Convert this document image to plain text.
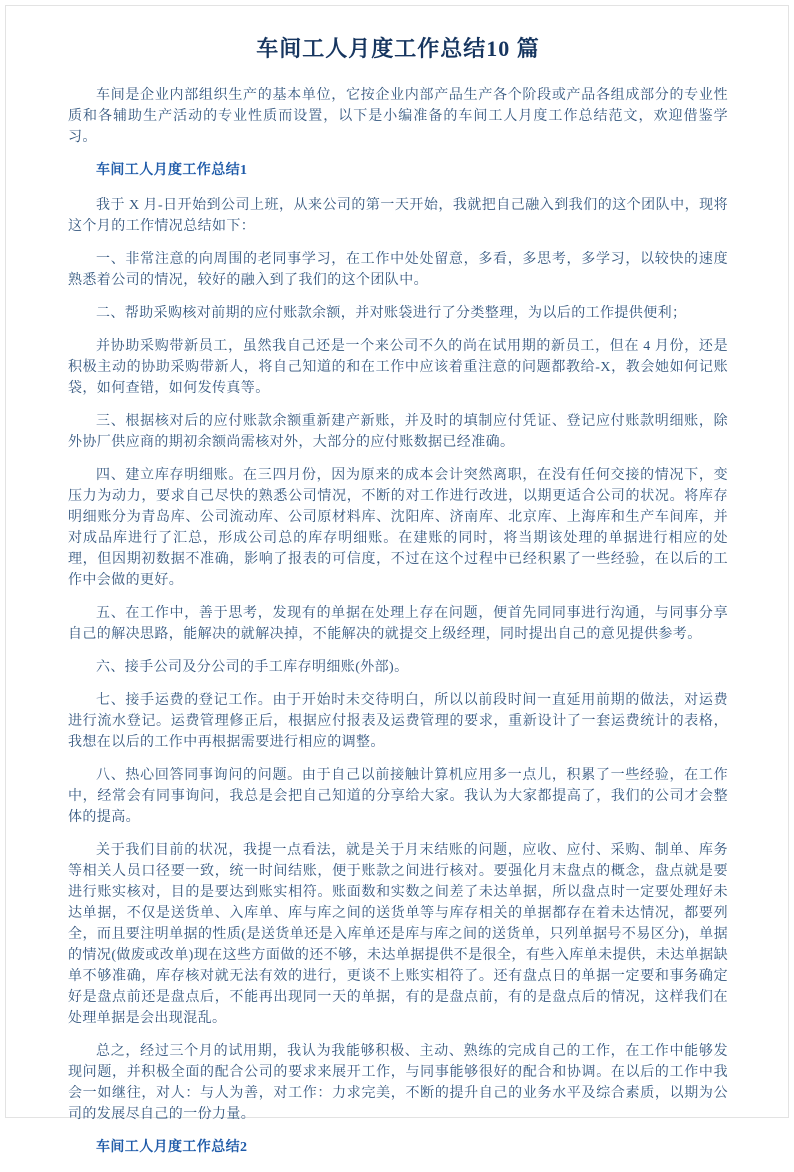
车间工人月度工作总结10 篇

车间是企业内部组织生产的基本单位，它按企业内部产品生产各个阶段或产品各组成部分的专业性质和各辅助生产活动的专业性质而设置，以下是小编准备的车间工人月度工作总结范文，欢迎借鉴学习。

车间工人月度工作总结1

我于 X 月-日开始到公司上班，从来公司的第一天开始，我就把自己融入到我们的这个团队中，现将这个月的工作情况总结如下：

一、非常注意的向周围的老同事学习，在工作中处处留意，多看，多思考，多学习，以较快的速度熟悉着公司的情况，较好的融入到了我们的这个团队中。

二、帮助采购核对前期的应付账款余额，并对账袋进行了分类整理，为以后的工作提供便利；

并协助采购带新员工，虽然我自己还是一个来公司不久的尚在试用期的新员工，但在 4 月份，还是积极主动的协助采购带新人，将自己知道的和在工作中应该着重注意的问题都教给-X，教会她如何记账袋，如何查错，如何发传真等。

三、根据核对后的应付账款余额重新建产新账，并及时的填制应付凭证、登记应付账款明细账，除外协厂供应商的期初余额尚需核对外，大部分的应付账数据已经准确。

四、建立库存明细账。在三四月份，因为原来的成本会计突然离职，在没有任何交接的情况下，变压力为动力，要求自己尽快的熟悉公司情况，不断的对工作进行改进，以期更适合公司的状况。将库存明细账分为青岛库、公司流动库、公司原材料库、沈阳库、济南库、北京库、上海库和生产车间库，并对成品库进行了汇总，形成公司总的库存明细账。在建账的同时，将当期该处理的单据进行相应的处理，但因期初数据不准确，影响了报表的可信度，不过在这个过程中已经积累了一些经验，在以后的工作中会做的更好。

五、在工作中，善于思考，发现有的单据在处理上存在问题，便首先同同事进行沟通，与同事分享自己的解决思路，能解决的就解决掉，不能解决的就提交上级经理，同时提出自己的意见提供参考。

六、接手公司及分公司的手工库存明细账(外部)。

七、接手运费的登记工作。由于开始时未交待明白，所以以前段时间一直延用前期的做法，对运费进行流水登记。运费管理修正后，根据应付报表及运费管理的要求，重新设计了一套运费统计的表格，我想在以后的工作中再根据需要进行相应的调整。

八、热心回答同事询问的问题。由于自己以前接触计算机应用多一点儿，积累了一些经验，在工作中，经常会有同事询问，我总是会把自己知道的分享给大家。我认为大家都提高了，我们的公司才会整体的提高。

关于我们目前的状况，我提一点看法，就是关于月末结账的问题，应收、应付、采购、制单、库务等相关人员口径要一致，统一时间结账，便于账款之间进行核对。要强化月末盘点的概念，盘点就是要进行账实核对，目的是要达到账实相符。账面数和实数之间差了未达单据，所以盘点时一定要处理好未达单据，不仅是送货单、入库单、库与库之间的送货单等与库存相关的单据都存在着未达情况，都要列全，而且要注明单据的性质(是送货单还是入库单还是库与库之间的送货单，只列单据号不易区分)，单据的情况(做废或改单)现在这些方面做的还不够，未达单据提供不是很全，有些入库单未提供，未达单据缺单不够准确，库存核对就无法有效的进行，更谈不上账实相符了。还有盘点日的单据一定要和事务确定好是盘点前还是盘点后，不能再出现同一天的单据，有的是盘点前，有的是盘点后的情况，这样我们在处理单据是会出现混乱。

总之，经过三个月的试用期，我认为我能够积极、主动、熟练的完成自己的工作，在工作中能够发现问题，并积极全面的配合公司的要求来展开工作，与同事能够很好的配合和协调。在以后的工作中我会一如继往，对人：与人为善，对工作：力求完美，不断的提升自己的业务水平及综合素质，以期为公司的发展尽自己的一份力量。

车间工人月度工作总结2
